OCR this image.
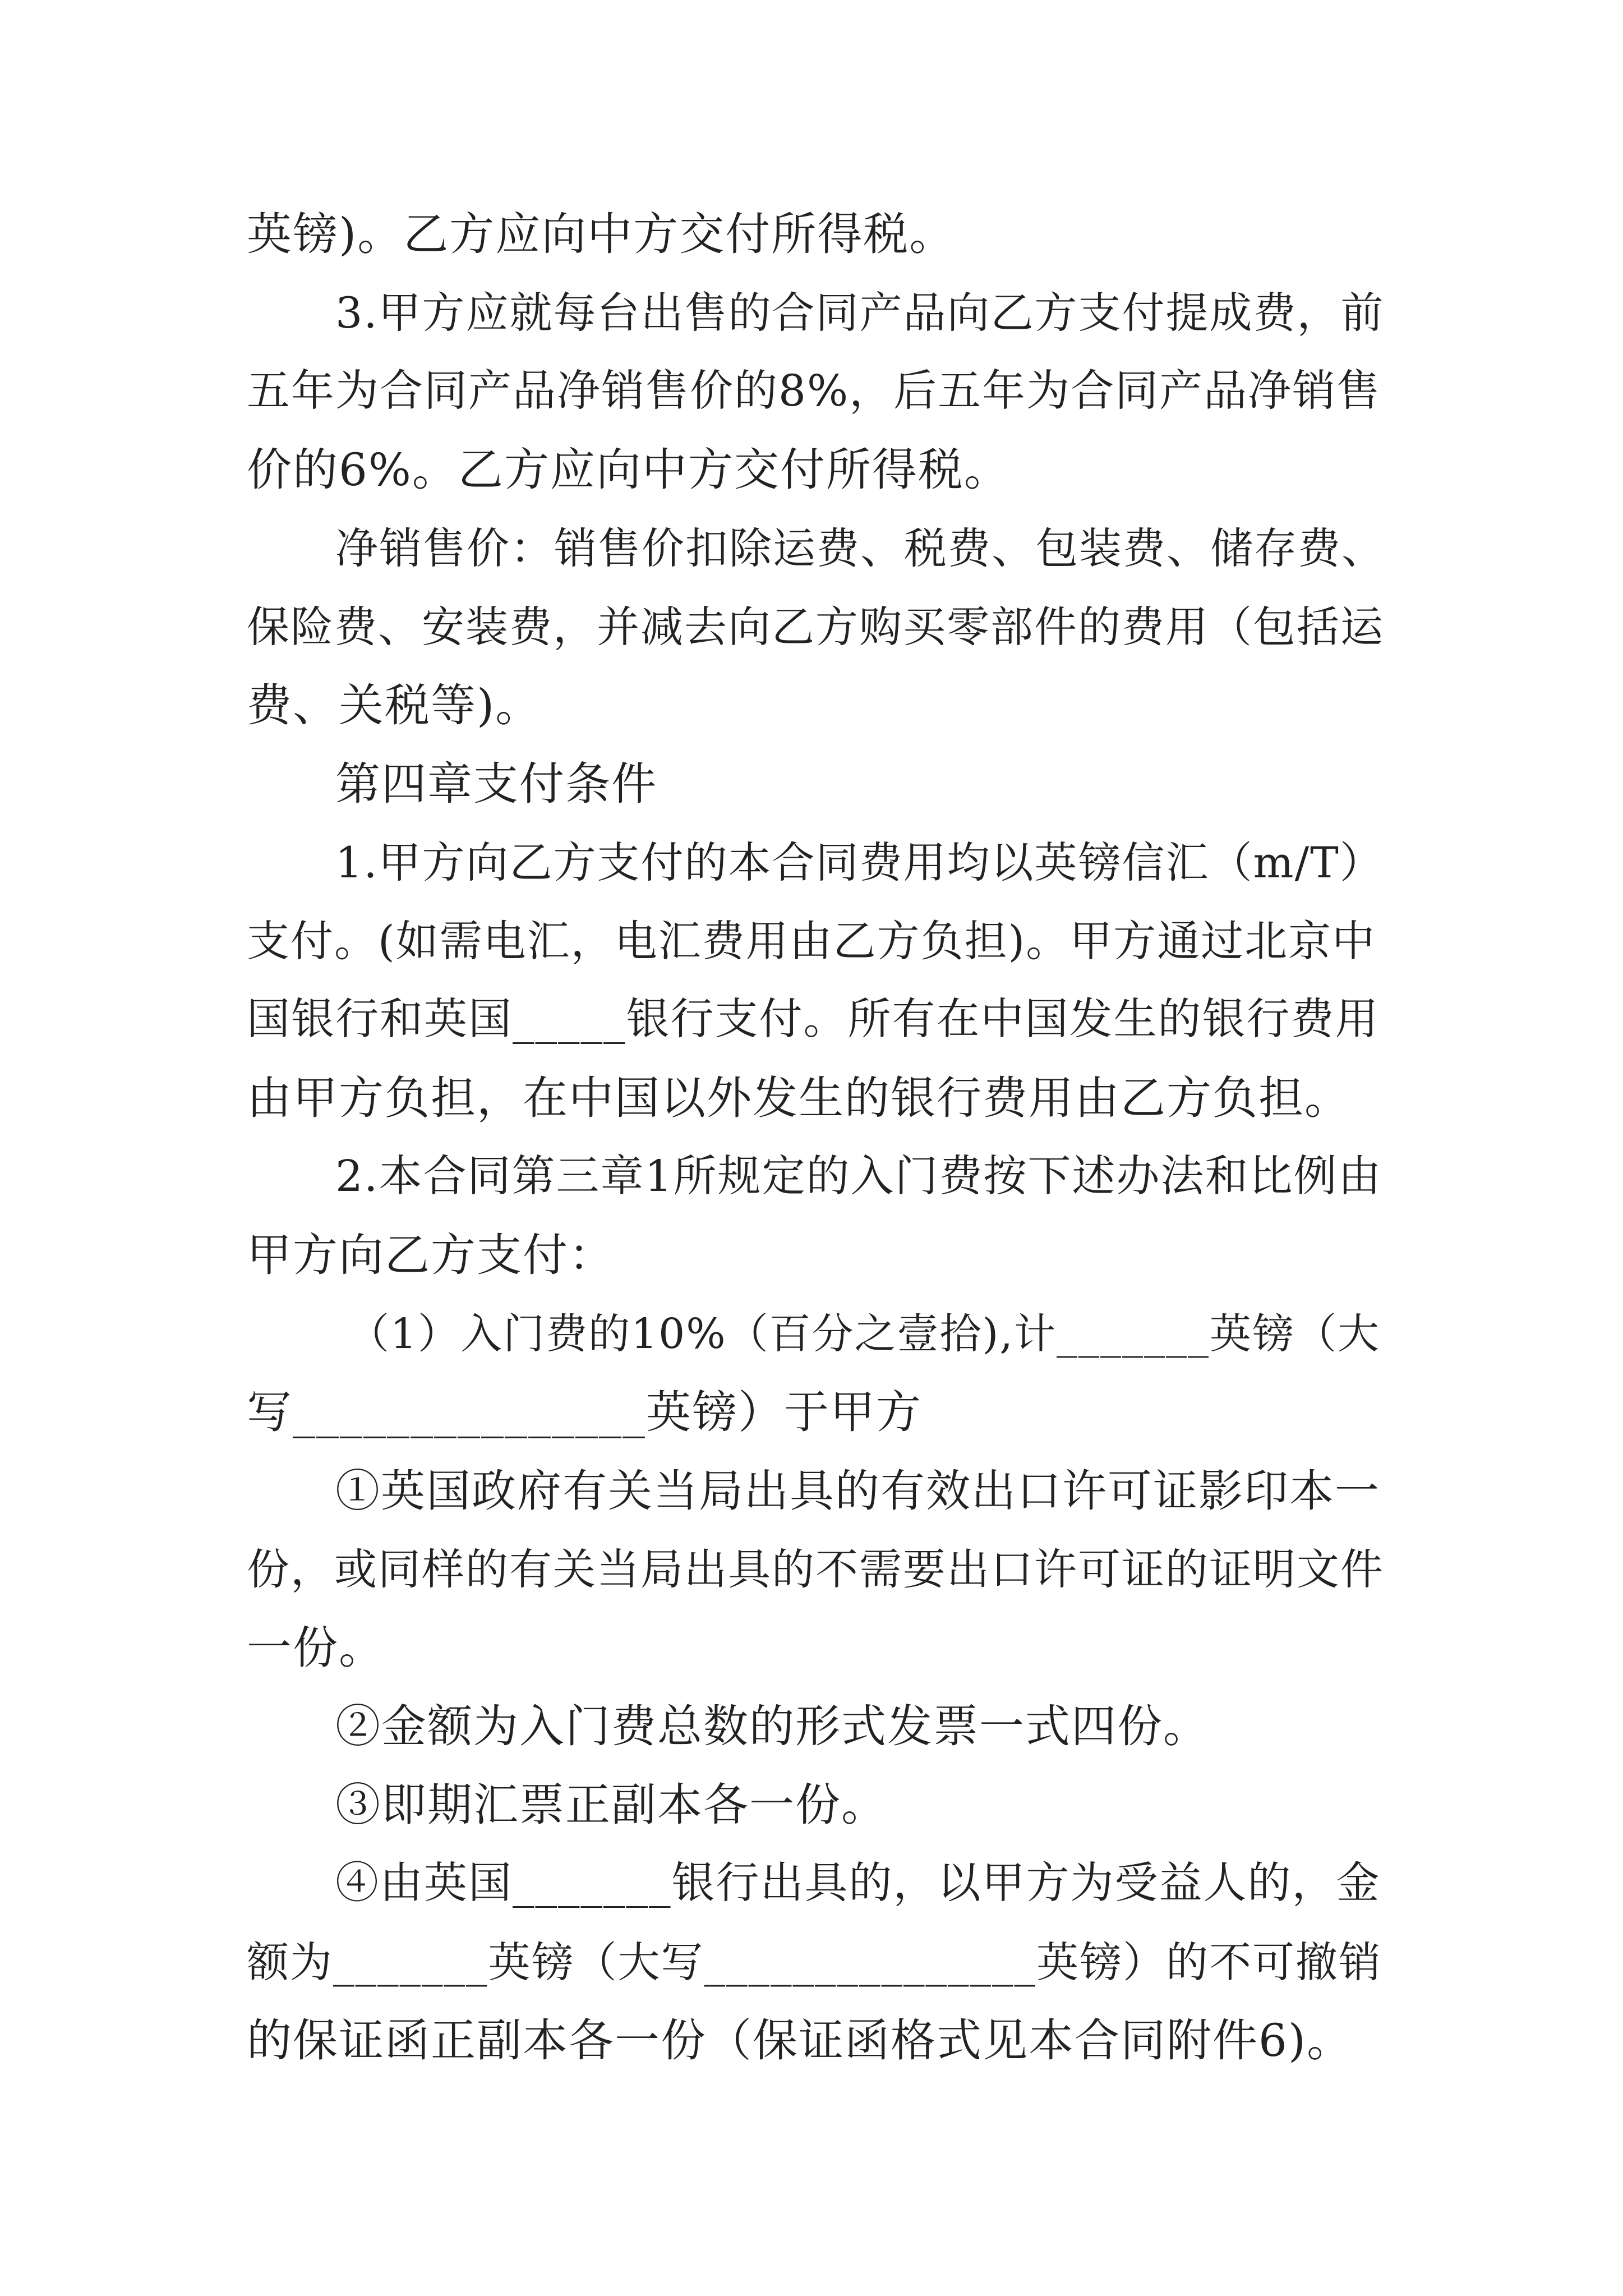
英镑)。乙方应向中方交付所得税。
3.甲方应就每台出售的合同产品向乙方支付提成费，前
五年为合同产品净销售价的8%，后五年为合同产品净销售
价的6%。乙方应向中方交付所得税。
净销售价：销售价扣除运费、税费、包装费、储存费、
保险费、安装费，并减去向乙方购买零部件的费用（包括运
费、关税等)。
第四章支付条件
1.甲方向乙方支付的本合同费用均以英镑信汇（m/T）
支付。(如需电汇，电汇费用由乙方负担)。甲方通过北京中
国银行和英国_____银行支付。所有在中国发生的银行费用
由甲方负担，在中国以外发生的银行费用由乙方负担。
2.本合同第三章1所规定的入门费按下述办法和比例由
甲方向乙方支付：
（1）入门费的10%（百分之壹拾),计_______英镑（大
写_______________英镑）于甲方
①英国政府有关当局出具的有效出口许可证影印本一
份，或同样的有关当局出具的不需要出口许可证的证明文件
一份。
②金额为入门费总数的形式发票一式四份。
③即期汇票正副本各一份。
④由英国_______银行出具的，以甲方为受益人的，金
额为_______英镑（大写_______________英镑）的不可撤销
的保证函正副本各一份（保证函格式见本合同附件6)。
